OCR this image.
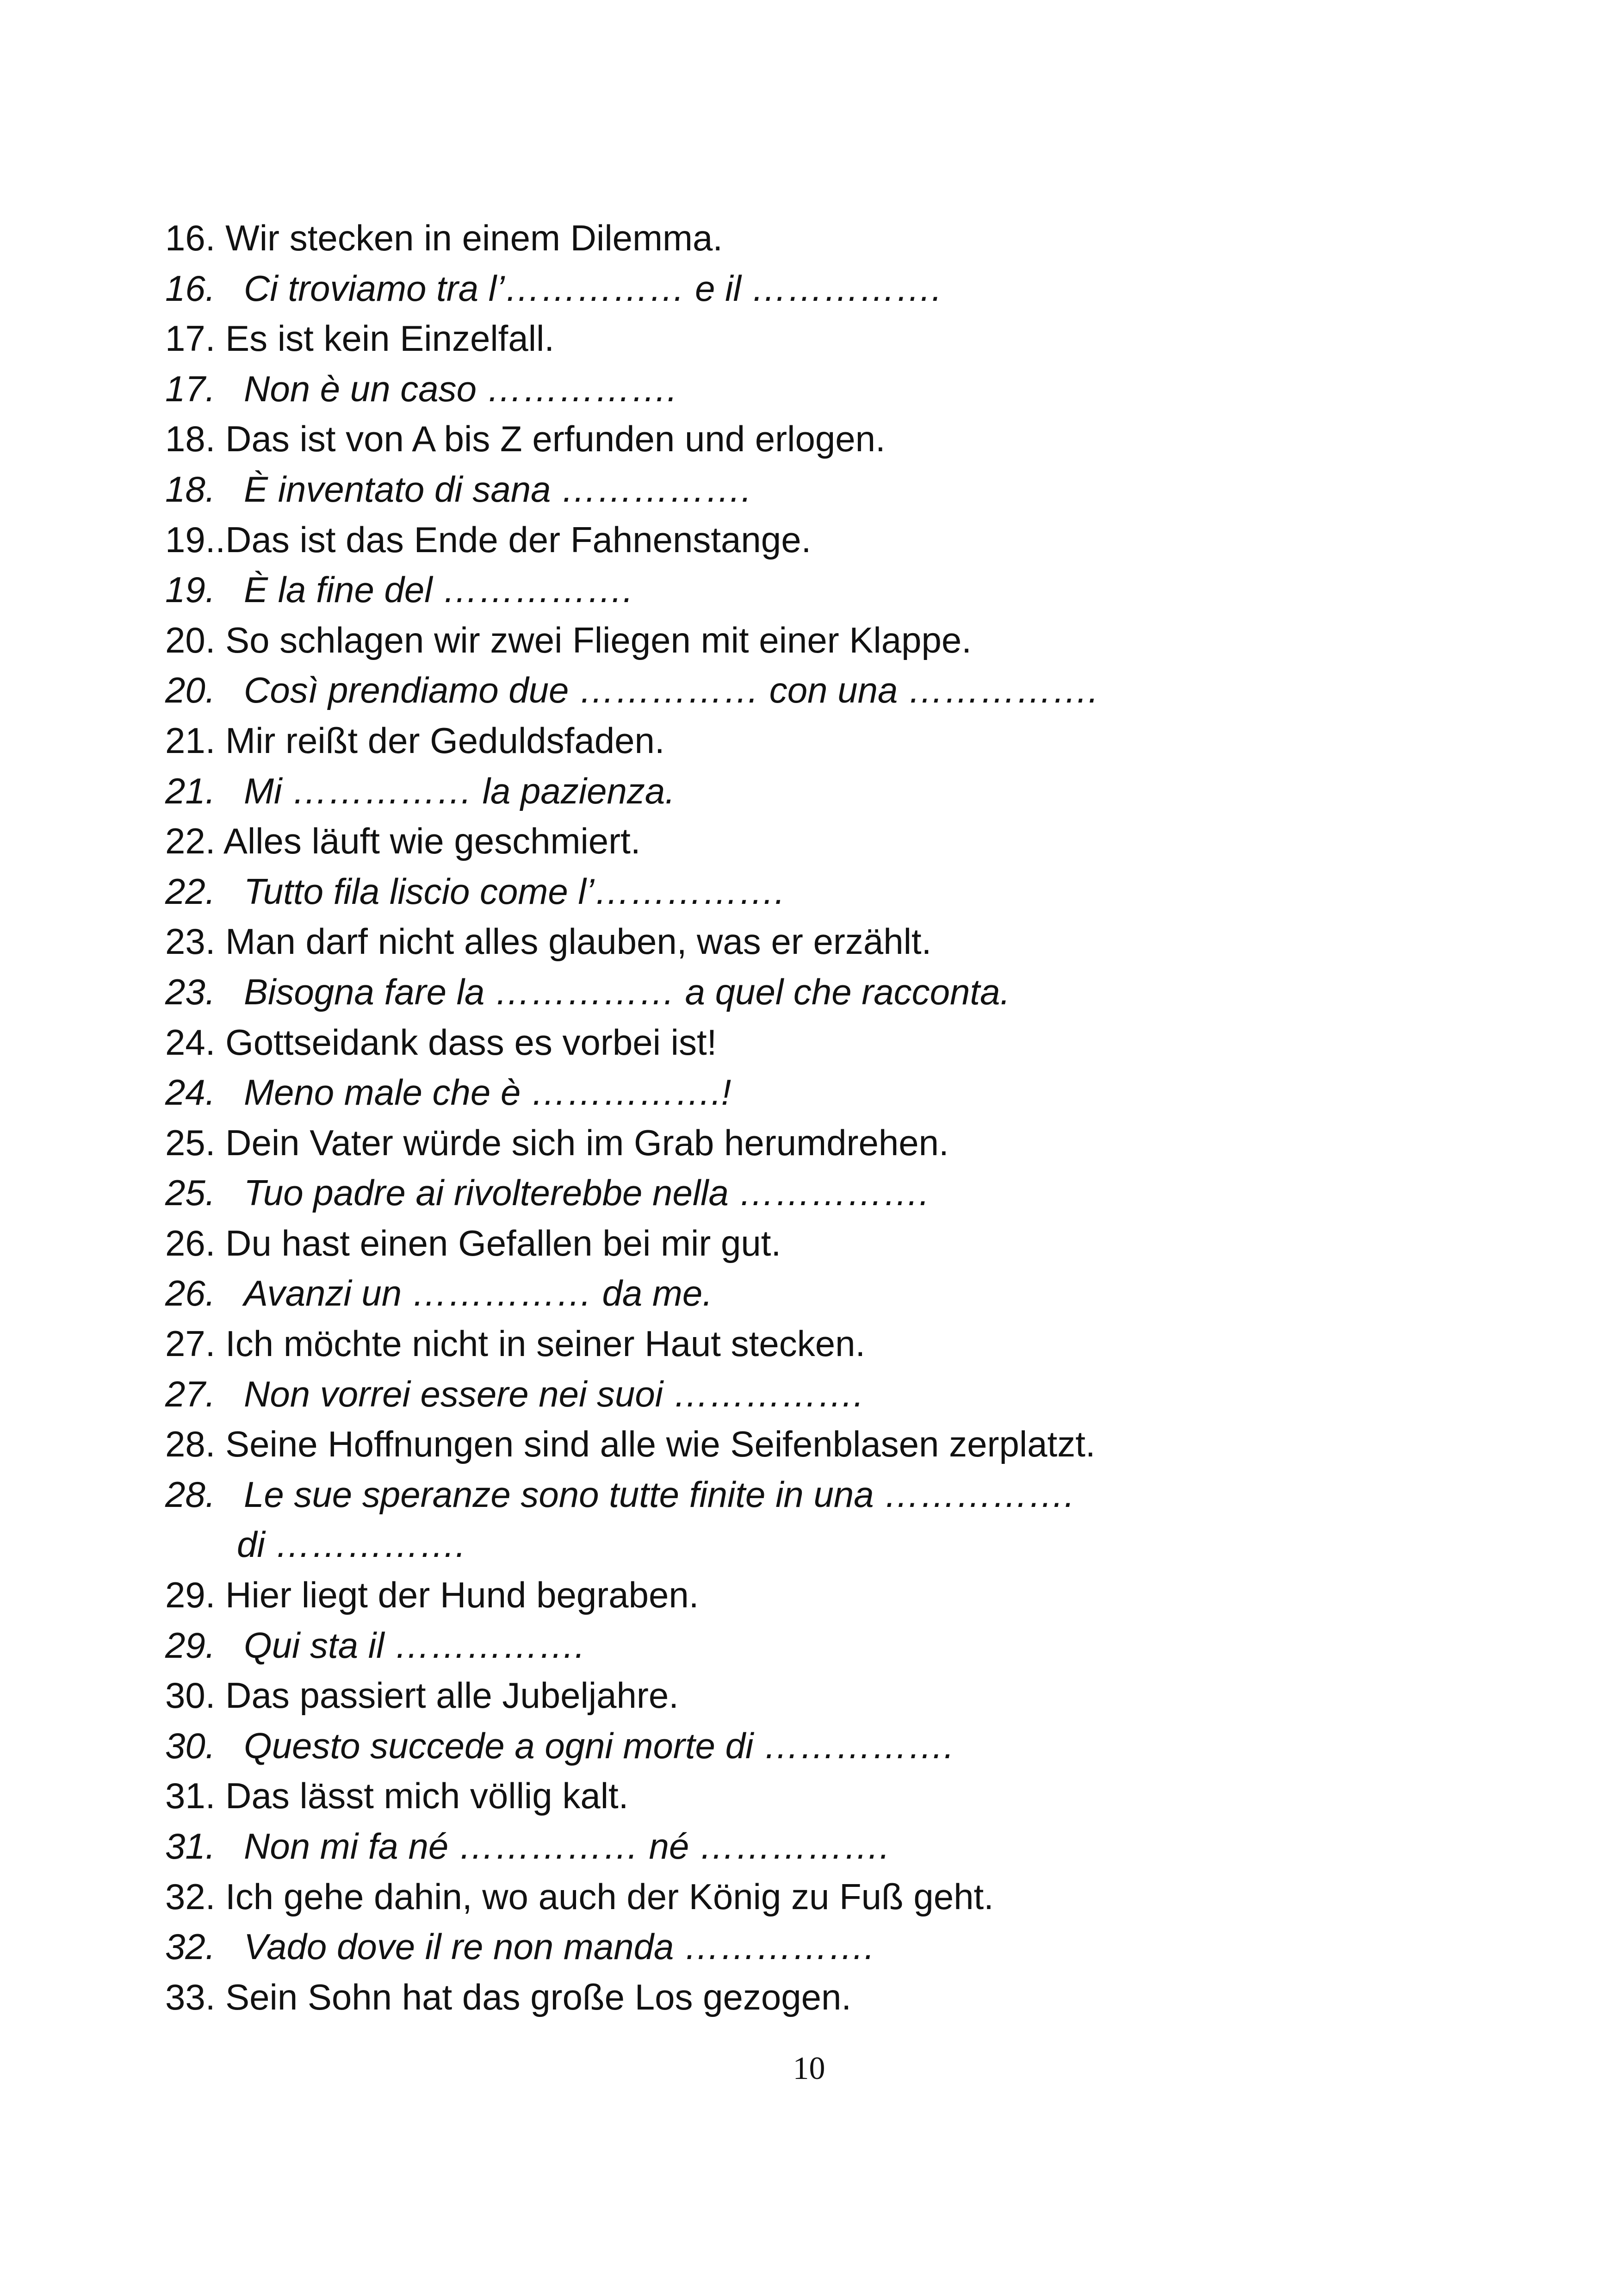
16. Wir stecken in einem Dilemma.
16. Ci troviamo tra l’…………… e il …………….
17. Es ist kein Einzelfall.
17. Non è un caso …………….
18. Das ist von A bis Z erfunden und erlogen.
18. È inventato di sana …………….
19..Das ist das Ende der Fahnenstange.
19. È la fine del …………….
20. So schlagen wir zwei Fliegen mit einer Klappe.
20. Così prendiamo due …………… con una …………….
21. Mir reißt der Geduldsfaden.
21. Mi …………… la pazienza.
22. Alles läuft wie geschmiert.
22. Tutto fila liscio come l’…………….
23. Man darf nicht alles glauben, was er erzählt.
23. Bisogna fare la …………… a quel che racconta.
24. Gottseidank dass es vorbei ist!
24. Meno male che è …………….!
25. Dein Vater würde sich im Grab herumdrehen.
25. Tuo padre ai rivolterebbe nella …………….
26. Du hast einen Gefallen bei mir gut.
26. Avanzi un …………… da me.
27. Ich möchte nicht in seiner Haut stecken.
27. Non vorrei essere nei suoi …………….
28. Seine Hoffnungen sind alle wie Seifenblasen zerplatzt.
28. Le sue speranze sono tutte finite in una …………….
di …………….
29. Hier liegt der Hund begraben.
29. Qui sta il …………….
30. Das passiert alle Jubeljahre.
30. Questo succede a ogni morte di …………….
31. Das lässt mich völlig kalt.
31. Non mi fa né …………… né …………….
32. Ich gehe dahin, wo auch der König zu Fuß geht.
32. Vado dove il re non manda …………….
33. Sein Sohn hat das große Los gezogen.
10
